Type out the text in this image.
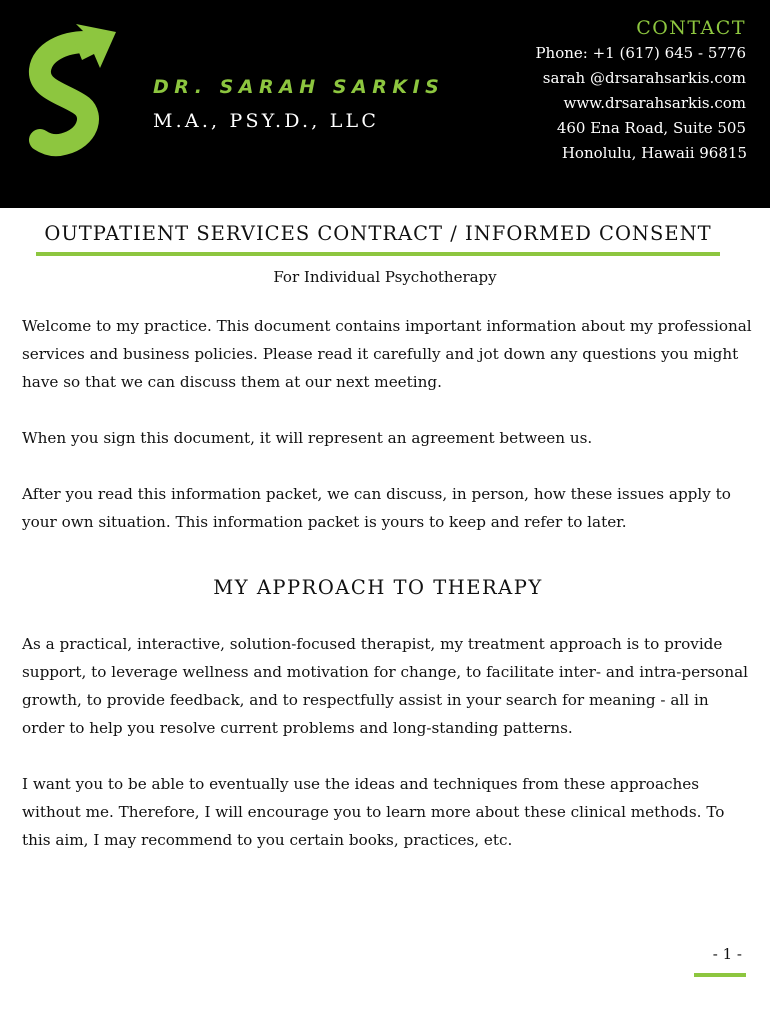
DR. SARAH SARKIS
M.A., PSY.D., LLC
CONTACT
Phone: +1 (617) 645 - 5776
sarah @drsarahsarkis.com
www.drsarahsarkis.com
460 Ena Road, Suite 505
Honolulu, Hawaii 96815
OUTPATIENT SERVICES CONTRACT / INFORMED CONSENT
For Individual Psychotherapy

Welcome to my practice. This document contains important information about my professional services and business policies. Please read it carefully and jot down any questions you might have so that we can discuss them at our next meeting.

When you sign this document, it will represent an agreement between us.

After you read this information packet, we can discuss, in person, how these issues apply to your own situation. This information packet is yours to keep and refer to later.

MY APPROACH TO THERAPY

As a practical, interactive, solution-focused therapist, my treatment approach is to provide support, to leverage wellness and motivation for change, to facilitate inter- and intra-personal growth, to provide feedback, and to respectfully assist in your search for meaning - all in order to help you resolve current problems and long-standing patterns.

I want you to be able to eventually use the ideas and techniques from these approaches without me. Therefore, I will encourage you to learn more about these clinical methods. To this aim, I may recommend to you certain books, practices, etc.

- 1 -
